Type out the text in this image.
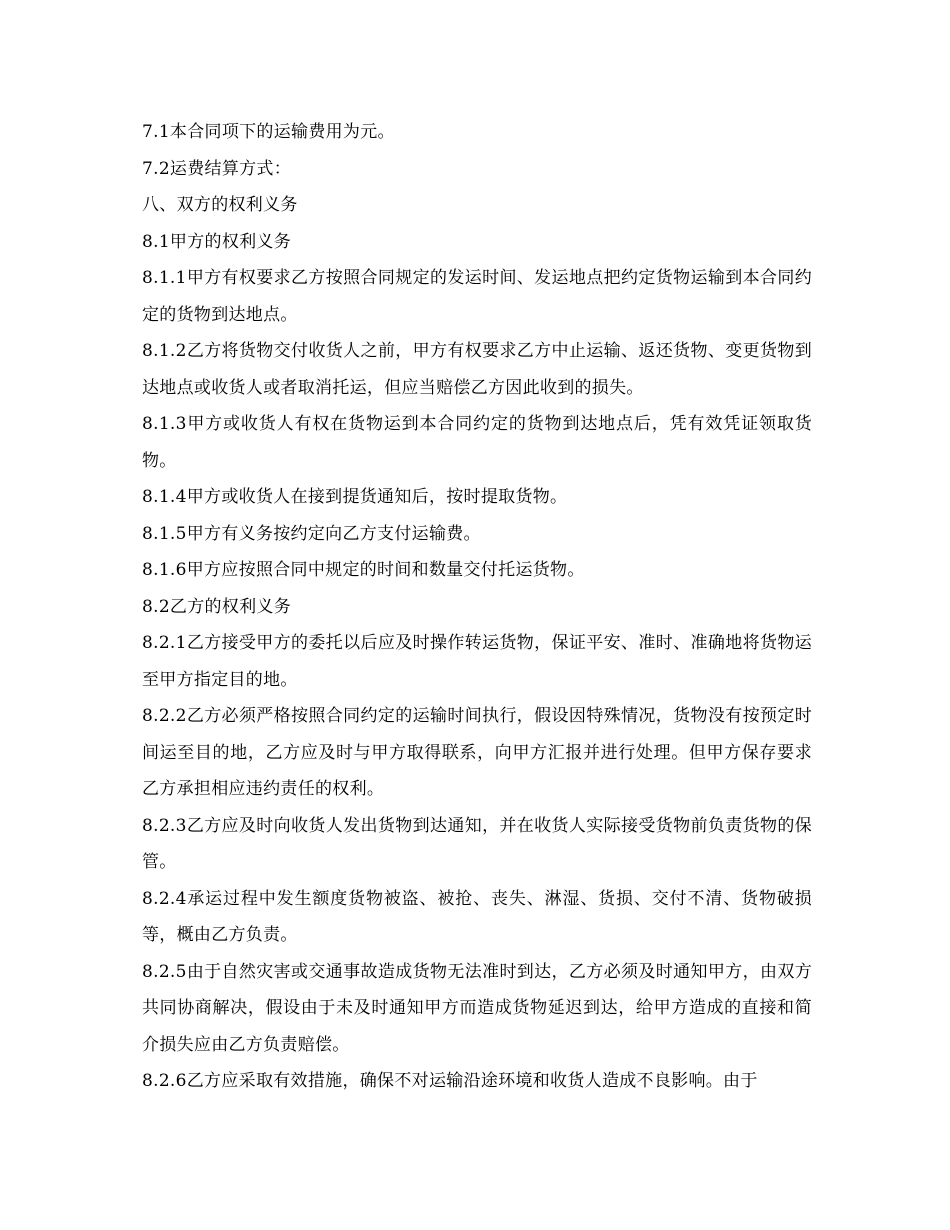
7.1本合同项下的运输费用为元。

7.2运费结算方式：

八、双方的权利义务

8.1甲方的权利义务

8.1.1甲方有权要求乙方按照合同规定的发运时间、发运地点把约定货物运输到本合同约定的货物到达地点。

8.1.2乙方将货物交付收货人之前，甲方有权要求乙方中止运输、返还货物、变更货物到达地点或收货人或者取消托运，但应当赔偿乙方因此收到的损失。

8.1.3甲方或收货人有权在货物运到本合同约定的货物到达地点后，凭有效凭证领取货物。

8.1.4甲方或收货人在接到提货通知后，按时提取货物。

8.1.5甲方有义务按约定向乙方支付运输费。

8.1.6甲方应按照合同中规定的时间和数量交付托运货物。

8.2乙方的权利义务

8.2.1乙方接受甲方的委托以后应及时操作转运货物，保证平安、准时、准确地将货物运至甲方指定目的地。

8.2.2乙方必须严格按照合同约定的运输时间执行，假设因特殊情况，货物没有按预定时间运至目的地，乙方应及时与甲方取得联系，向甲方汇报并进行处理。但甲方保存要求乙方承担相应违约责任的权利。

8.2.3乙方应及时向收货人发出货物到达通知，并在收货人实际接受货物前负责货物的保管。

8.2.4承运过程中发生额度货物被盗、被抢、丧失、淋湿、货损、交付不清、货物破损等，概由乙方负责。

8.2.5由于自然灾害或交通事故造成货物无法准时到达，乙方必须及时通知甲方，由双方共同协商解决，假设由于未及时通知甲方而造成货物延迟到达，给甲方造成的直接和简介损失应由乙方负责赔偿。

8.2.6乙方应采取有效措施，确保不对运输沿途环境和收货人造成不良影响。由于
